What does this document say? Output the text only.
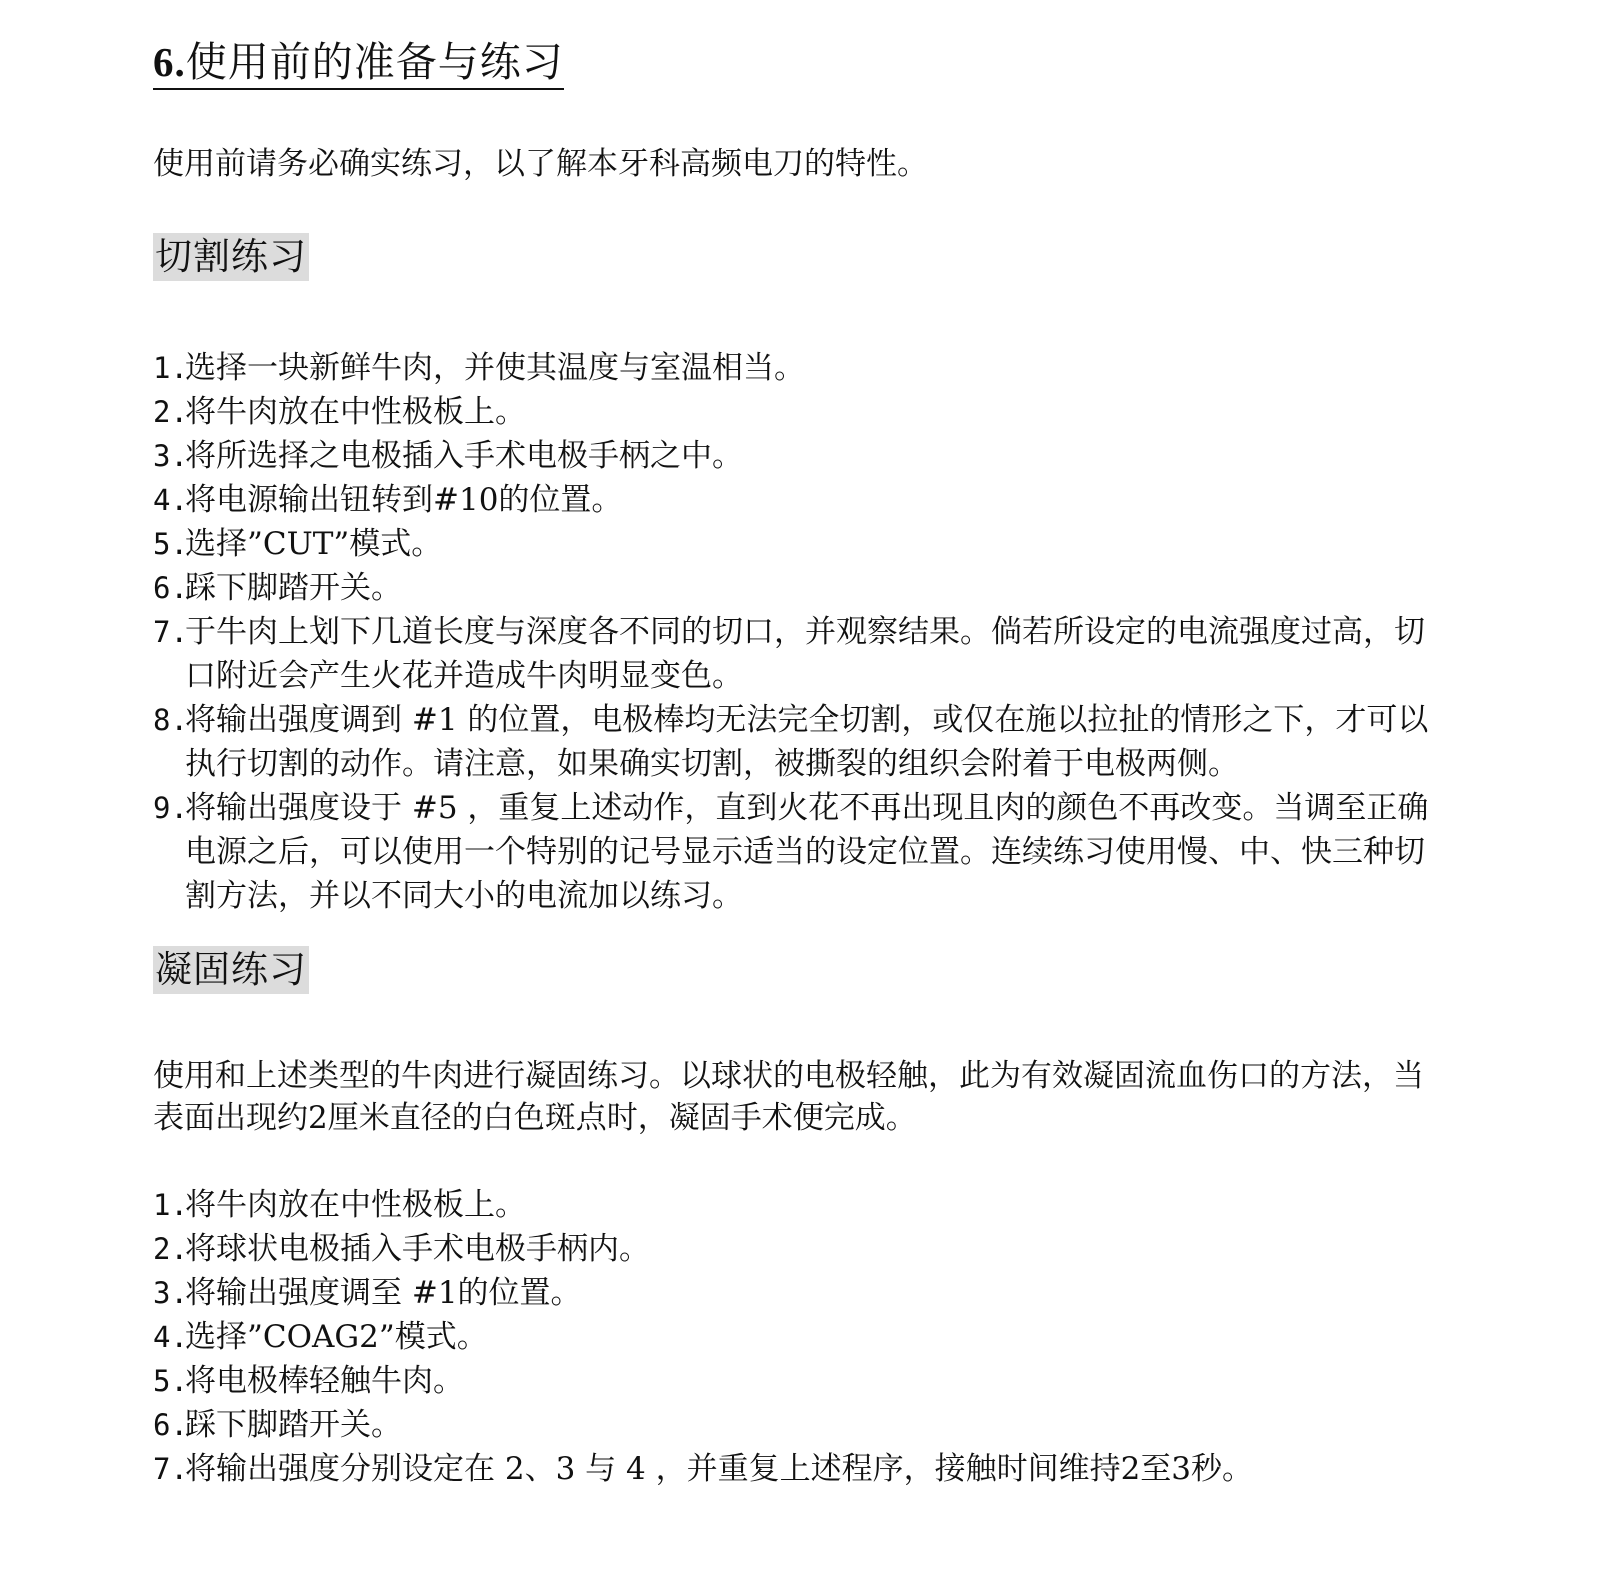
6.使用前的准备与练习

使用前请务必确实练习，以了解本牙科高频电刀的特性。

切割练习
1.
选择一块新鲜牛肉，并使其温度与室温相当。
2.
将牛肉放在中性极板上。
3.
将所选择之电极插入手术电极手柄之中。
4.
将电源输出钮转到#10的位置。
5.
选择”CUT”模式。
6.
踩下脚踏开关。
7.
于牛肉上划下几道长度与深度各不同的切口，并观察结果。倘若所设定的电流强度过高，切口附近会产生火花并造成牛肉明显变色。
8.
将输出强度调到 #1 的位置，电极棒均无法完全切割，或仅在施以拉扯的情形之下，才可以执行切割的动作。请注意，如果确实切割，被撕裂的组织会附着于电极两侧。
9.
将输出强度设于 #5 ，重复上述动作，直到火花不再出现且肉的颜色不再改变。当调至正确电源之后，可以使用一个特别的记号显示适当的设定位置。连续练习使用慢、中、快三种切割方法，并以不同大小的电流加以练习。
凝固练习

使用和上述类型的牛肉进行凝固练习。以球状的电极轻触，此为有效凝固流血伤口的方法，当表面出现约2厘米直径的白色斑点时，凝固手术便完成。

1.
将牛肉放在中性极板上。
2.
将球状电极插入手术电极手柄内。
3.
将输出强度调至 #1的位置。
4.
选择”COAG2”模式。
5.
将电极棒轻触牛肉。
6.
踩下脚踏开关。
7.
将输出强度分别设定在 2、3 与 4 ，并重复上述程序，接触时间维持2至3秒。
